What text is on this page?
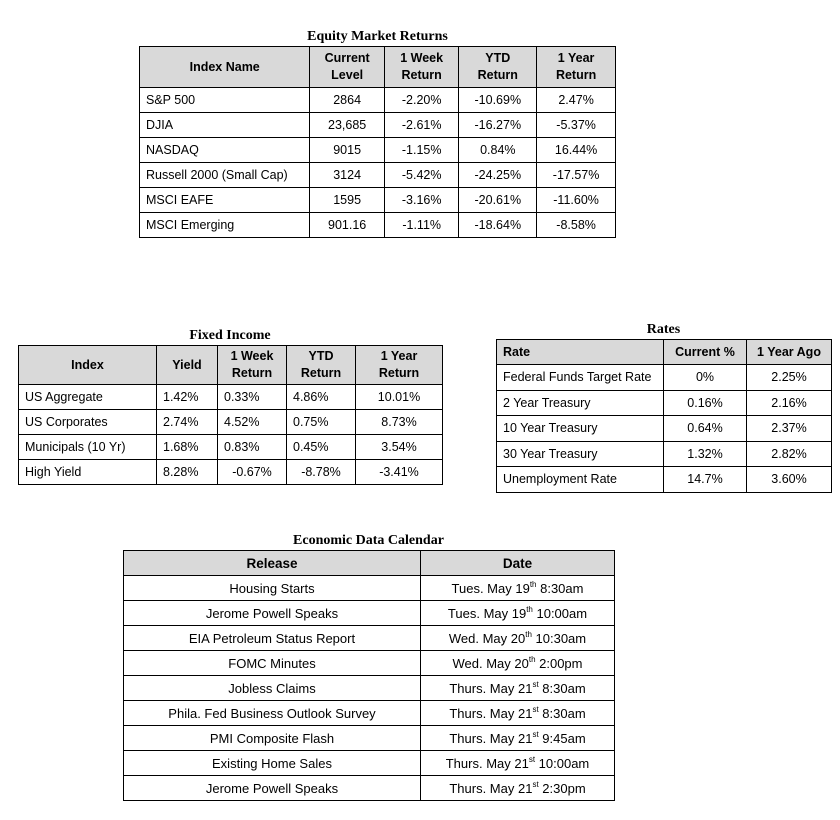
Equity Market Returns
Index Name	Current Level	1 Week Return	YTD Return	1 Year Return
S&P 500	2864	-2.20%	-10.69%	2.47%
DJIA	23,685	-2.61%	-16.27%	-5.37%
NASDAQ	9015	-1.15%	0.84%	16.44%
Russell 2000 (Small Cap)	3124	-5.42%	-24.25%	-17.57%
MSCI EAFE	1595	-3.16%	-20.61%	-11.60%
MSCI Emerging	901.16	-1.11%	-18.64%	-8.58%
Fixed Income
Index	Yield	1 Week Return	YTD Return	1 Year Return
US Aggregate	1.42%	0.33%	4.86%	10.01%
US Corporates	2.74%	4.52%	0.75%	8.73%
Municipals (10 Yr)	1.68%	0.83%	0.45%	3.54%
High Yield	8.28%	-0.67%	-8.78%	-3.41%
Rates
Rate	Current %	1 Year Ago
Federal Funds Target Rate	0%	2.25%
2 Year Treasury	0.16%	2.16%
10 Year Treasury	0.64%	2.37%
30 Year Treasury	1.32%	2.82%
Unemployment Rate	14.7%	3.60%
Economic Data Calendar
Release	Date
Housing Starts	Tues. May 19th 8:30am
Jerome Powell Speaks	Tues. May 19th 10:00am
EIA Petroleum Status Report	Wed. May 20th 10:30am
FOMC Minutes	Wed. May 20th 2:00pm
Jobless Claims	Thurs. May 21st 8:30am
Phila. Fed Business Outlook Survey	Thurs. May 21st 8:30am
PMI Composite Flash	Thurs. May 21st 9:45am
Existing Home Sales	Thurs. May 21st 10:00am
Jerome Powell Speaks	Thurs. May 21st 2:30pm
